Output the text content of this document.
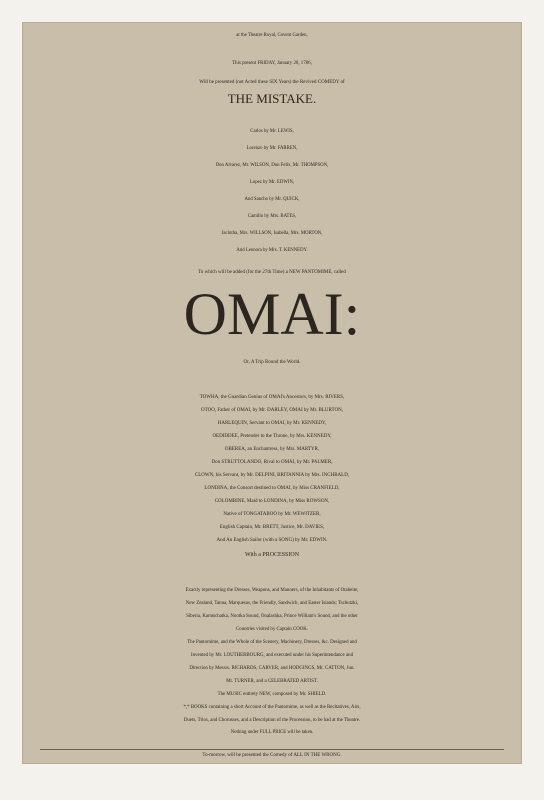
at the Theatre Royal, Covent Garden,
This present FRIDAY, January 20, 1786,
Will be presented (not Acted these SIX Years) the Revived COMEDY of
THE MISTAKE.
Carlos by Mr. LEWIS,
Lorenzo by Mr. FARREN,
Don Alvarez, Mr. WILSON, Don Felix, Mr. THOMPSON,
Lopez by Mr. EDWIN,
And Sancho by Mr. QUICK,
Camillo by Mrs. BATES,
Jacintha, Mrs. WILLSON, Isabella, Mrs. MORTON,
And Leonora by Mrs. T. KENNEDY.
To which will be added (for the 27th Time) a NEW PANTOMIME, called
OMAI:
Or, A Trip Round the World.
TOWHA, the Guardian Genius of OMAI's Ancestors, by Mrs. RIVERS,
OTOO, Father of OMAI, by Mr. DARLEY, OMAI by Mr. BLURTON,
HARLEQUIN, Servant to OMAI, by Mr. KENNEDY,
OEDIDDEE, Pretender to the Throne, by Mrs. KENNEDY,
OBEREA, an Enchantress, by Mrs. MARTYR,
Don STRUTTOLANDO, Rival to OMAI, by Mr. PALMER,
CLOWN, his Servant, by Mr. DELPINI, BRITANNIA by Mrs. INCHBALD,
LONDINA, the Consort destined to OMAI, by Miss CRANFIELD,
COLOMBINE, Maid to LONDINA, by Miss ROWSON,
Native of TONGATABOO by Mr. WEWITZER,
English Captain, Mr. BRETT, Justice, Mr. DAVIES,
And An English Sailor (with a SONG) by Mr. EDWIN.
With a PROCESSION
Exactly representing the Dresses, Weapons, and Manners, of the Inhabitants of Otaheite,
New Zealand, Tanna, Marquesas, the Friendly, Sandwich, and Easter Islands; Tschutzki,
Siberia, Kamtschatka, Nootka Sound, Onalashka, Prince William's Sound, and the other
Countries visited by Captain COOK.
The Pantomime, and the Whole of the Scenery, Machinery, Dresses, &c. Designed and
Invented by Mr. LOUTHERBOURG, and executed under his Superintendance and
Direction by Messrs. RICHARDS, CARVER, and HODGINGS, Mr. CATTON, Jun.
Mr. TURNER, and a CELEBRATED ARTIST.
The MUSIC entirely NEW, composed by Mr. SHIELD.
*,* BOOKS containing a short Account of the Pantomime, as well as the Recitatives, Airs,
Duets, Trios, and Chorusses, and a Description of the Procession, to be had at the Theatre.
Nothing under FULL PRICE will be taken.
To-morrow, will be presented the Comedy of ALL IN THE WRONG.
